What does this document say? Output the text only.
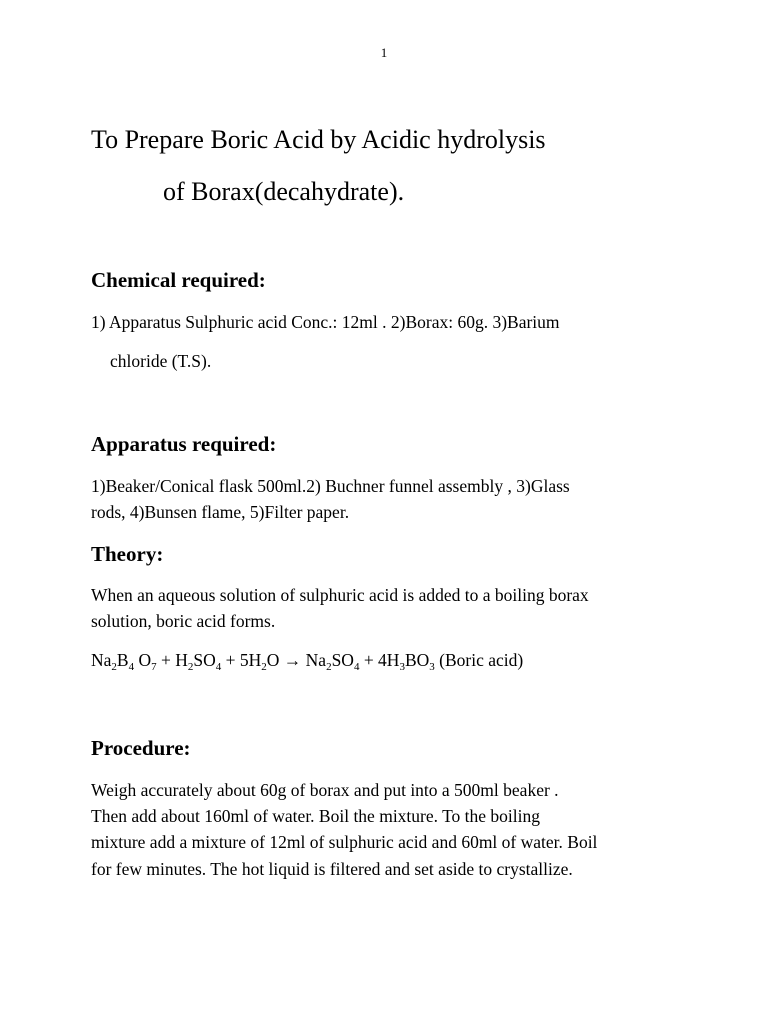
1
To Prepare Boric Acid by Acidic hydrolysis
of Borax(decahydrate).
Chemical required:
1) Apparatus Sulphuric acid Conc.: 12ml . 2)Borax: 60g. 3)Barium
chloride (T.S).
Apparatus required:
1)Beaker/Conical flask 500ml.2) Buchner funnel assembly , 3)Glass
rods, 4)Bunsen flame, 5)Filter paper.
Theory:
When an aqueous solution of sulphuric acid is added to a boiling borax
solution, boric acid forms.
$Na_2B_4$ $O_7 + H_2SO_4 + 5H_2O \to Na_2SO_4 + 4H_3BO_3$ (Boric acid)
Procedure:
Weigh accurately about 60g of borax and put into a 500ml beaker .
Then add about 160ml of water. Boil the mixture. To the boiling
mixture add a mixture of 12ml of sulphuric acid and 60ml of water. Boil
for few minutes. The hot liquid is filtered and set aside to crystallize.
